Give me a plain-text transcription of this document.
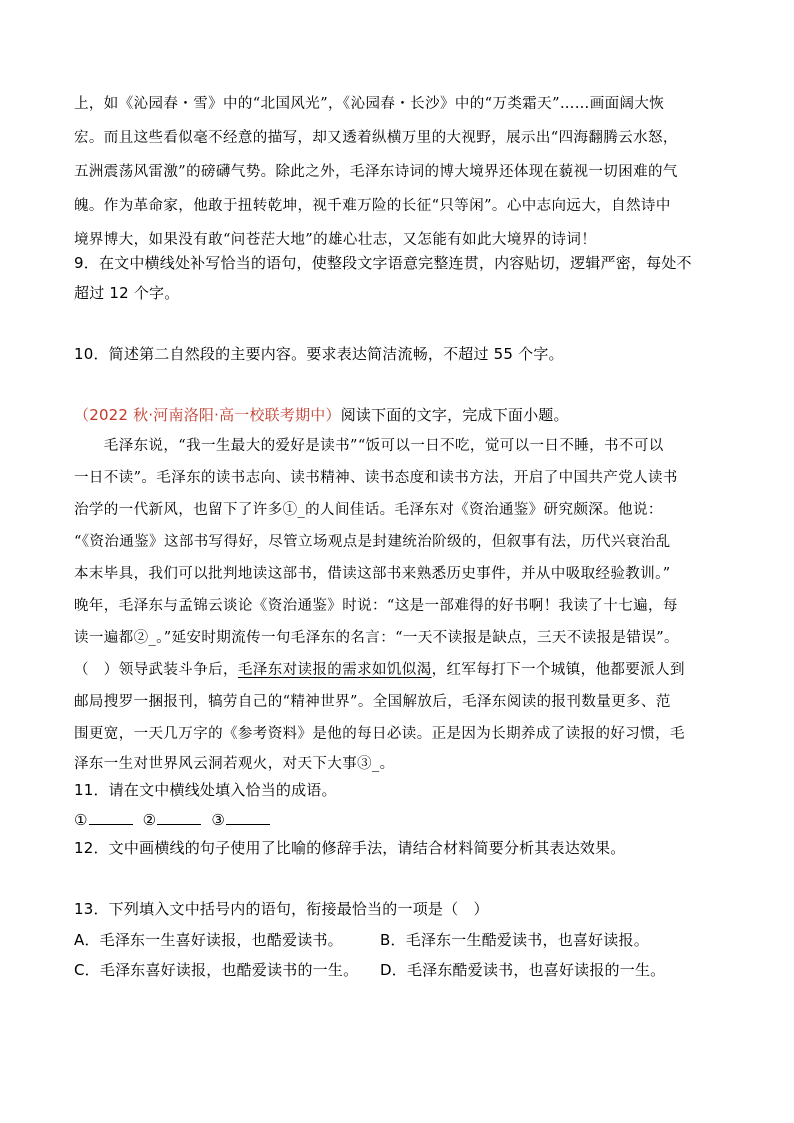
上，如《沁园春・雪》中的“北国风光”，《沁园春・长沙》中的“万类霜天”……画面阔大恢
宏。而且这些看似毫不经意的描写，却又透着纵横万里的大视野，展示出“四海翻腾云水怒，
五洲震荡风雷激”的磅礴气势。除此之外，毛泽东诗词的博大境界还体现在藐视一切困难的气
魄。作为革命家，他敢于扭转乾坤，视千难万险的长征“只等闲”。心中志向远大，自然诗中
境界博大，如果没有敢“问苍茫大地”的雄心壮志，又怎能有如此大境界的诗词！
9．在文中横线处补写恰当的语句，使整段文字语意完整连贯，内容贴切，逻辑严密，每处不
超过 12 个字。
10．简述第二自然段的主要内容。要求表达简洁流畅，不超过 55 个字。
（2022 秋·河南洛阳·高一校联考期中）阅读下面的文字，完成下面小题。
　　毛泽东说，“我一生最大的爱好是读书”“饭可以一日不吃，觉可以一日不睡，书不可以
一日不读”。毛泽东的读书志向、读书精神、读书态度和读书方法，开启了中国共产党人读书
治学的一代新风，也留下了许多①_的人间佳话。毛泽东对《资治通鉴》研究颇深。他说：
“《资治通鉴》这部书写得好，尽管立场观点是封建统治阶级的，但叙事有法，历代兴衰治乱
本末毕具，我们可以批判地读这部书，借读这部书来熟悉历史事件，并从中吸取经验教训。”
晚年，毛泽东与孟锦云谈论《资治通鉴》时说：“这是一部难得的好书啊！我读了十七遍，每
读一遍都②_。”延安时期流传一句毛泽东的名言：“一天不读报是缺点，三天不读报是错误”。
（　）领导武装斗争后，毛泽东对读报的需求如饥似渴，红军每打下一个城镇，他都要派人到
邮局搜罗一捆报刊，犒劳自己的“精神世界”。全国解放后，毛泽东阅读的报刊数量更多、范
围更宽，一天几万字的《参考资料》是他的每日必读。正是因为长期养成了读报的好习惯，毛
泽东一生对世界风云洞若观火，对天下大事③_。
11．请在文中横线处填入恰当的成语。
①	②	③
12．文中画横线的句子使用了比喻的修辞手法，请结合材料简要分析其表达效果。
13．下列填入文中括号内的语句，衔接最恰当的一项是（　）
A．毛泽东一生喜好读报，也酷爱读书。	B．毛泽东一生酷爱读书，也喜好读报。
C．毛泽东喜好读报，也酷爱读书的一生。	D．毛泽东酷爱读书，也喜好读报的一生。
